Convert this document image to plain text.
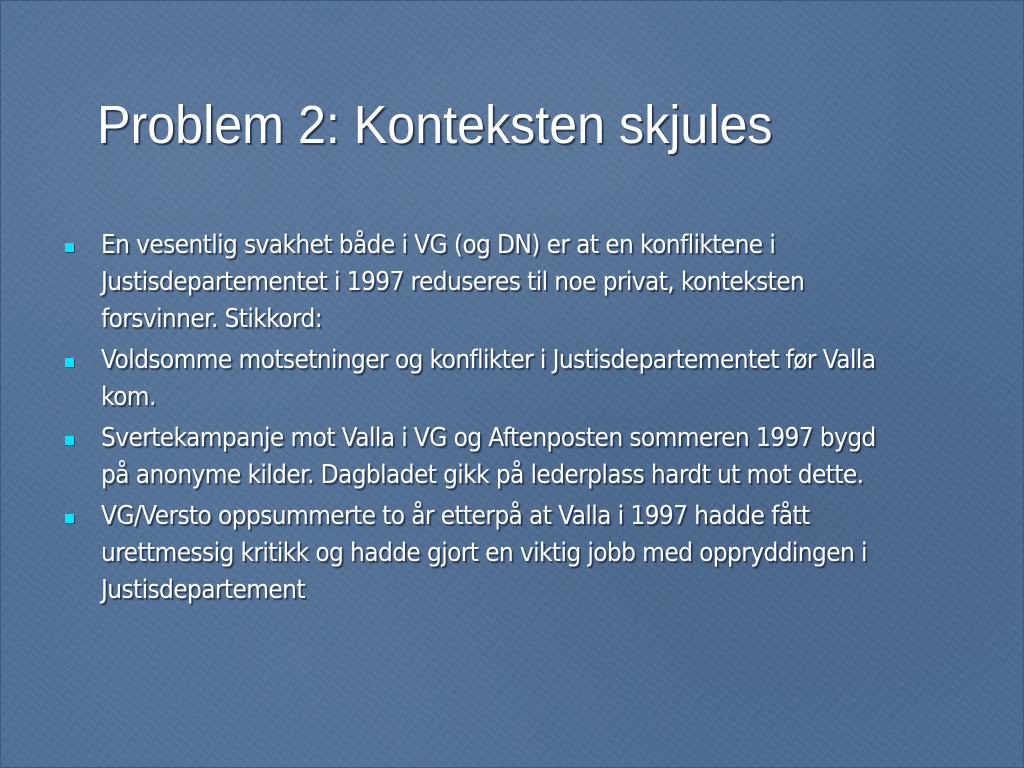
Problem 2: Konteksten skjules
En vesentlig svakhet både i VG (og DN) er at en konfliktene i Justisdepartementet i 1997 reduseres til noe privat, konteksten forsvinner. Stikkord:
Voldsomme motsetninger og konflikter i Justisdepartementet før Valla kom.
Svertekampanje mot Valla i VG og Aftenposten sommeren 1997 bygd på anonyme kilder. Dagbladet gikk på lederplass hardt ut mot dette.
VG/Versto oppsummerte to år etterpå at Valla i 1997 hadde fått urettmessig kritikk og hadde gjort en viktig jobb med oppryddingen i Justisdepartement
